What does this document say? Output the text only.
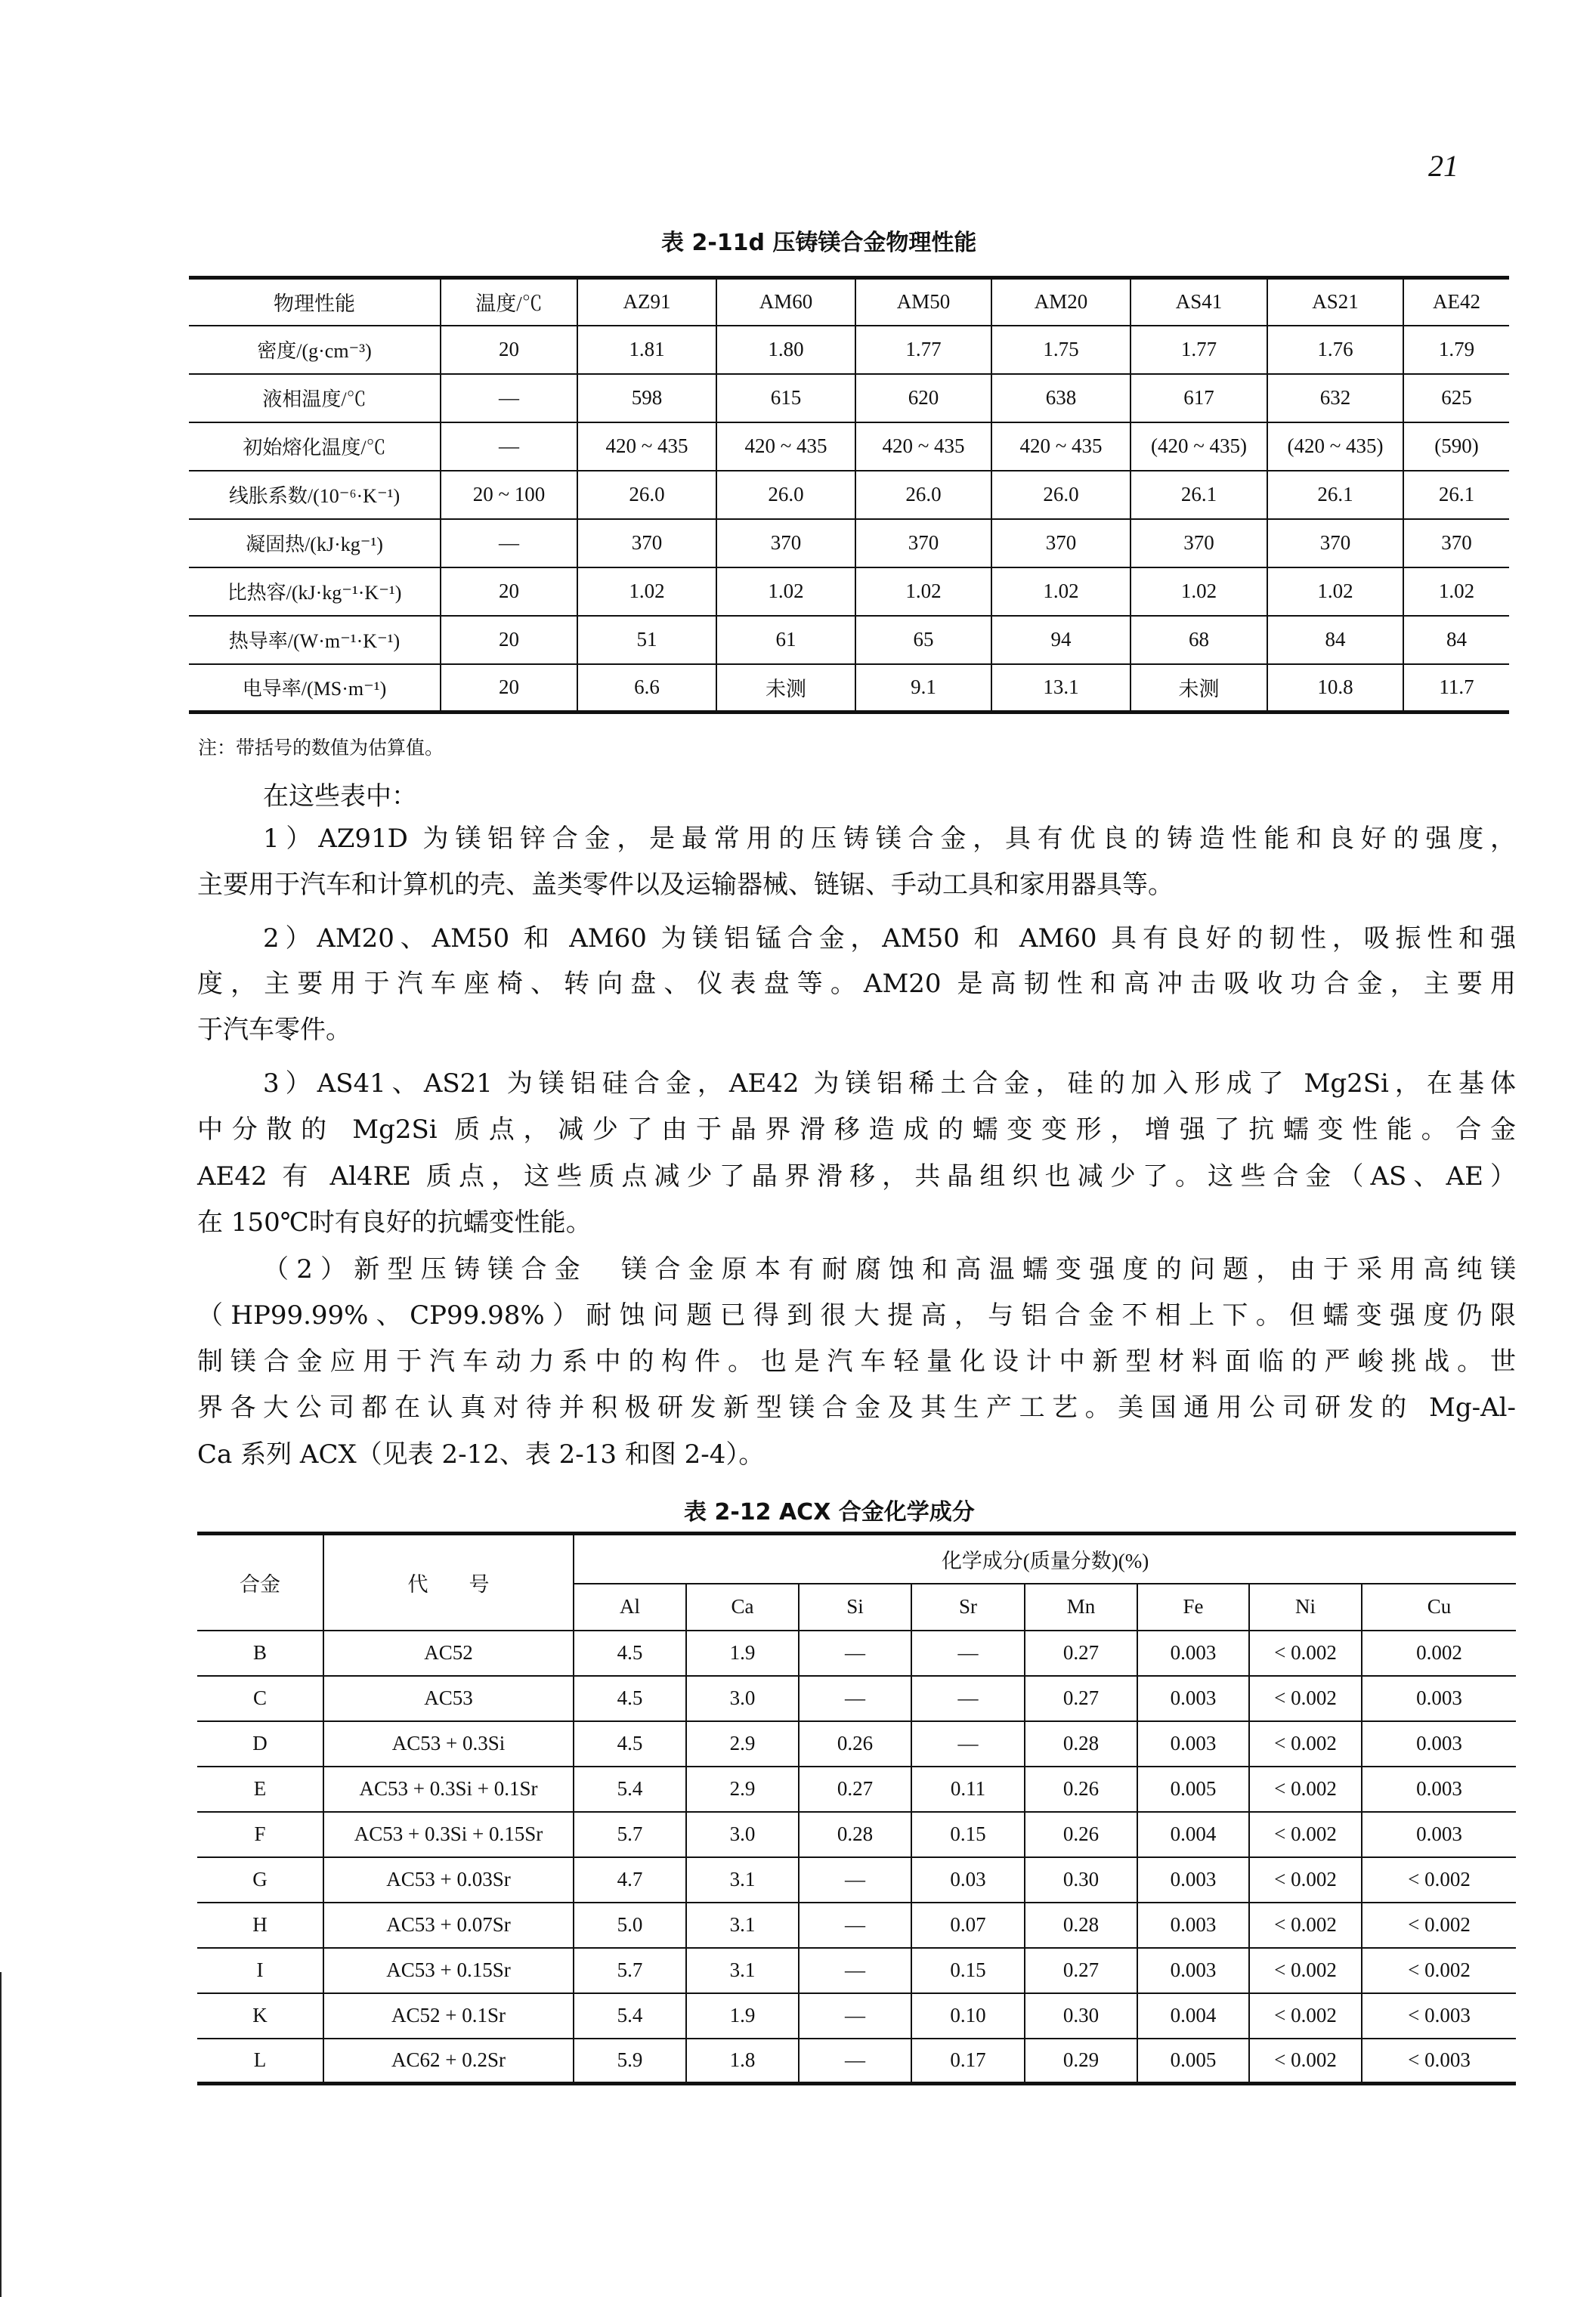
21
表 2-11d 压铸镁合金物理性能
物理性能	温度/℃	AZ91	AM60	AM50	AM20	AS41	AS21	AE42
密度/(g·cm⁻³)	20	1.81	1.80	1.77	1.75	1.77	1.76	1.79
液相温度/℃	—	598	615	620	638	617	632	625
初始熔化温度/℃	—	420 ~ 435	420 ~ 435	420 ~ 435	420 ~ 435	(420 ~ 435)	(420 ~ 435)	(590)
线胀系数/(10⁻⁶·K⁻¹)	20 ~ 100	26.0	26.0	26.0	26.0	26.1	26.1	26.1
凝固热/(kJ·kg⁻¹)	—	370	370	370	370	370	370	370
比热容/(kJ·kg⁻¹·K⁻¹)	20	1.02	1.02	1.02	1.02	1.02	1.02	1.02
热导率/(W·m⁻¹·K⁻¹)	20	51	61	65	94	68	84	84
电导率/(MS·m⁻¹)	20	6.6	未测	9.1	13.1	未测	10.8	11.7
注：带括号的数值为估算值。
在这些表中：
1）AZ91D 为镁铝锌合金，是最常用的压铸镁合金，具有优良的铸造性能和良好的强度，
主要用于汽车和计算机的壳、盖类零件以及运输器械、链锯、手动工具和家用器具等。
2）AM20、AM50 和 AM60 为镁铝锰合金，AM50 和 AM60 具有良好的韧性，吸振性和强
度，主要用于汽车座椅、转向盘、仪表盘等。AM20 是高韧性和高冲击吸收功合金，主要用
于汽车零件。
3）AS41、AS21 为镁铝硅合金，AE42 为镁铝稀土合金，硅的加入形成了 Mg2Si，在基体
中分散的 Mg2Si 质点，减少了由于晶界滑移造成的蠕变变形，增强了抗蠕变性能。合金
AE42 有 Al4RE 质点，这些质点减少了晶界滑移，共晶组织也减少了。这些合金（AS、AE）
在 150℃时有良好的抗蠕变性能。
（2）新型压铸镁合金　镁合金原本有耐腐蚀和高温蠕变强度的问题，由于采用高纯镁
（HP99.99%、CP99.98%）耐蚀问题已得到很大提高，与铝合金不相上下。但蠕变强度仍限
制镁合金应用于汽车动力系中的构件。也是汽车轻量化设计中新型材料面临的严峻挑战。世
界各大公司都在认真对待并积极研发新型镁合金及其生产工艺。美国通用公司研发的 Mg-Al-
Ca 系列 ACX（见表 2-12、表 2-13 和图 2-4）。
表 2-12 ACX 合金化学成分
合金	代　　号	化学成分(质量分数)(%)							
		Al	Ca	Si	Sr	Mn	Fe	Ni	Cu
B	AC52	4.5	1.9	—	—	0.27	0.003	< 0.002	0.002
C	AC53	4.5	3.0	—	—	0.27	0.003	< 0.002	0.003
D	AC53 + 0.3Si	4.5	2.9	0.26	—	0.28	0.003	< 0.002	0.003
E	AC53 + 0.3Si + 0.1Sr	5.4	2.9	0.27	0.11	0.26	0.005	< 0.002	0.003
F	AC53 + 0.3Si + 0.15Sr	5.7	3.0	0.28	0.15	0.26	0.004	< 0.002	0.003
G	AC53 + 0.03Sr	4.7	3.1	—	0.03	0.30	0.003	< 0.002	< 0.002
H	AC53 + 0.07Sr	5.0	3.1	—	0.07	0.28	0.003	< 0.002	< 0.002
I	AC53 + 0.15Sr	5.7	3.1	—	0.15	0.27	0.003	< 0.002	< 0.002
K	AC52 + 0.1Sr	5.4	1.9	—	0.10	0.30	0.004	< 0.002	< 0.003
L	AC62 + 0.2Sr	5.9	1.8	—	0.17	0.29	0.005	< 0.002	< 0.003
